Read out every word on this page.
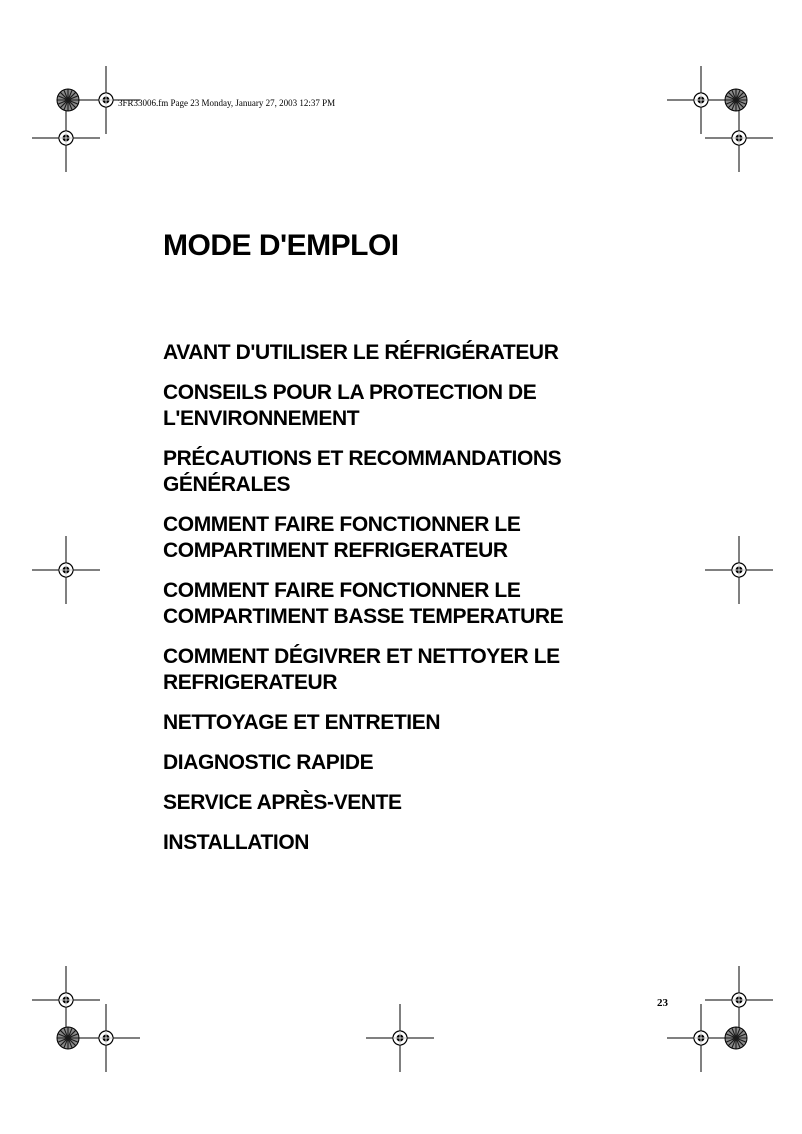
3FR33006.fm Page 23 Monday, January 27, 2003 12:37 PM
MODE D'EMPLOI
AVANT D'UTILISER LE RÉFRIGÉRATEUR
CONSEILS POUR LA PROTECTION DE
L'ENVIRONNEMENT
PRÉCAUTIONS ET RECOMMANDATIONS
GÉNÉRALES
COMMENT FAIRE FONCTIONNER LE
COMPARTIMENT REFRIGERATEUR
COMMENT FAIRE FONCTIONNER LE
COMPARTIMENT BASSE TEMPERATURE
COMMENT DÉGIVRER ET NETTOYER LE
REFRIGERATEUR
NETTOYAGE ET ENTRETIEN
DIAGNOSTIC RAPIDE
SERVICE APRÈS-VENTE
INSTALLATION
23
